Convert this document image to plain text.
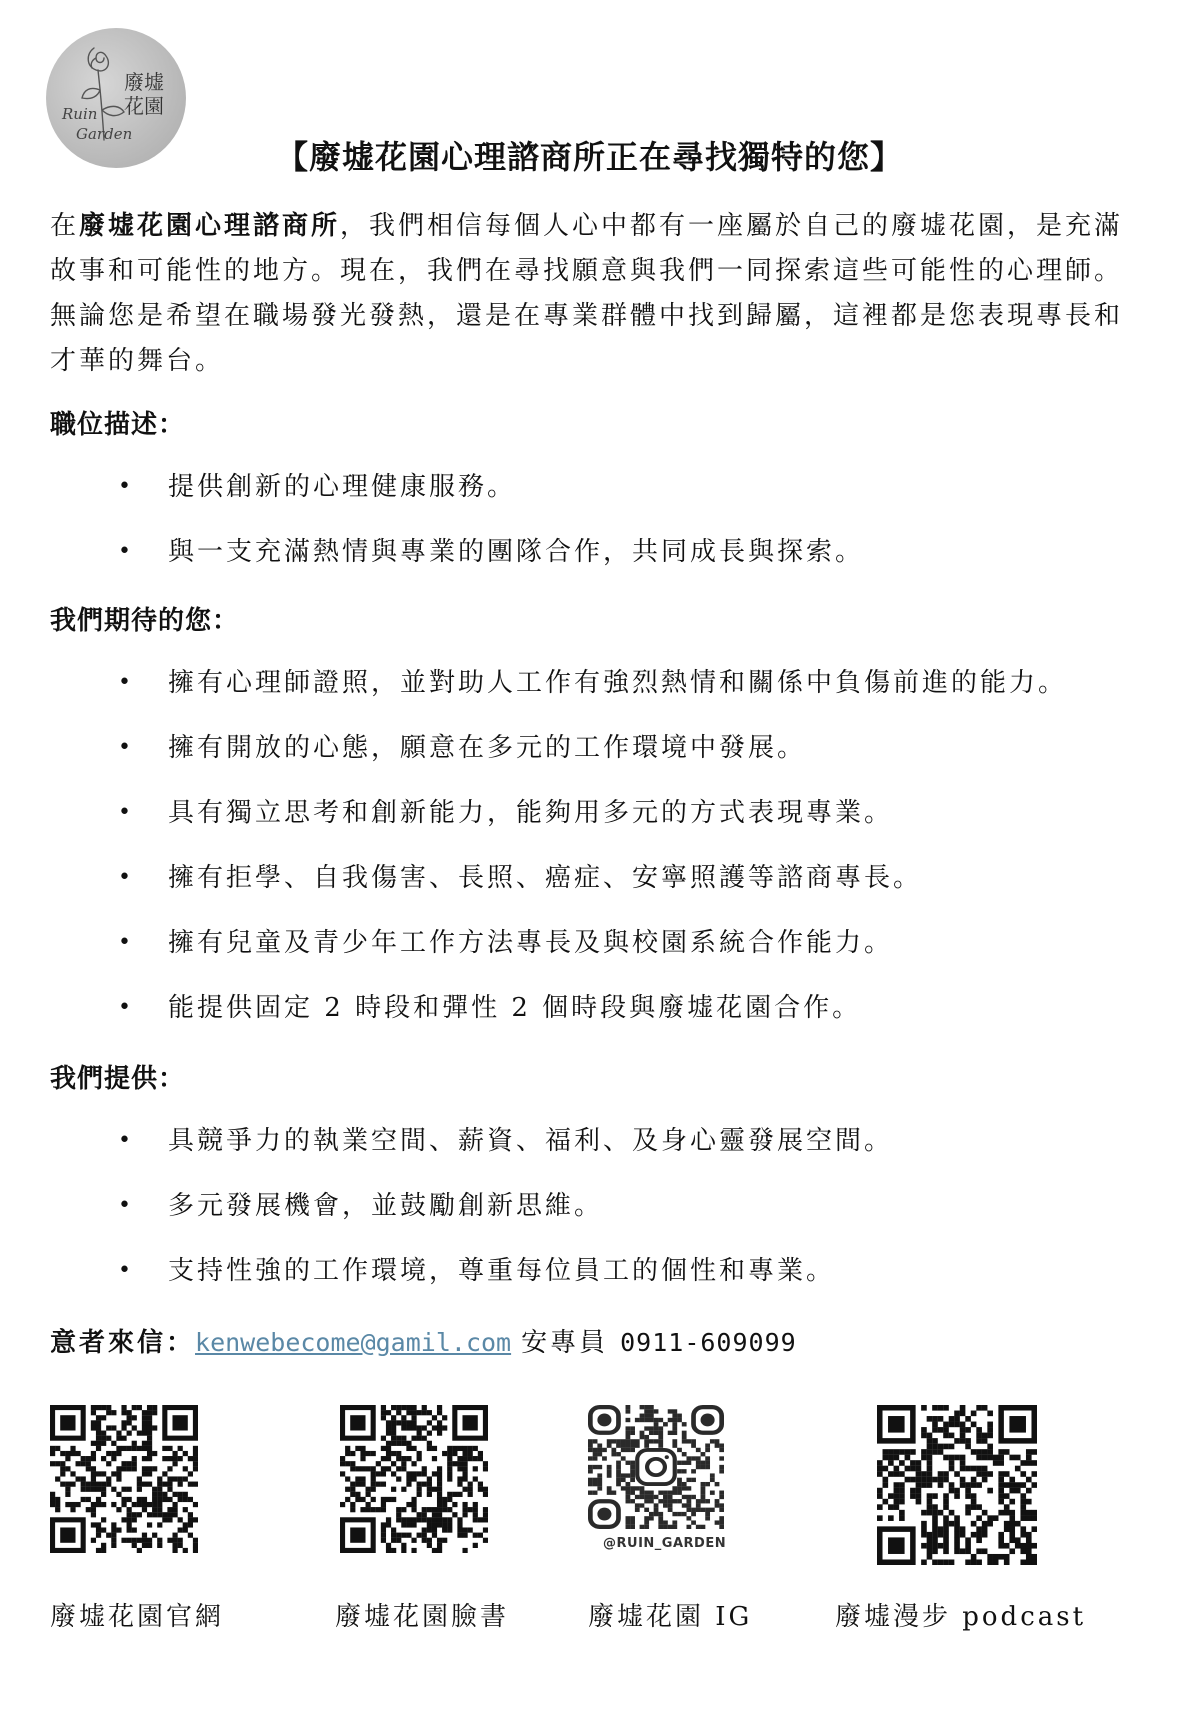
廢墟
花園
Ruin
Garden
【廢墟花園心理諮商所正在尋找獨特的您】

在廢墟花園心理諮商所，我們相信每個人心中都有一座屬於自己的廢墟花園，是充滿故事和可能性的地方。現在，我們在尋找願意與我們一同探索這些可能性的心理師。無論您是希望在職場發光發熱，還是在專業群體中找到歸屬，這裡都是您表現專長和才華的舞台。

職位描述：
• 提供創新的心理健康服務。
• 與一支充滿熱情與專業的團隊合作，共同成長與探索。
我們期待的您：
• 擁有心理師證照，並對助人工作有強烈熱情和關係中負傷前進的能力。
• 擁有開放的心態，願意在多元的工作環境中發展。
• 具有獨立思考和創新能力，能夠用多元的方式表現專業。
• 擁有拒學、自我傷害、長照、癌症、安寧照護等諮商專長。
• 擁有兒童及青少年工作方法專長及與校園系統合作能力。
• 能提供固定 2 時段和彈性 2 個時段與廢墟花園合作。
我們提供：
• 具競爭力的執業空間、薪資、福利、及身心靈發展空間。
• 多元發展機會，並鼓勵創新思維。
• 支持性強的工作環境，尊重每位員工的個性和專業。

意者來信：kenwebecome@gamil.com 安專員 0911-609099

@RUIN_GARDEN
廢墟花園官網	廢墟花園臉書	廢墟花園 IG	廢墟漫步 podcast
